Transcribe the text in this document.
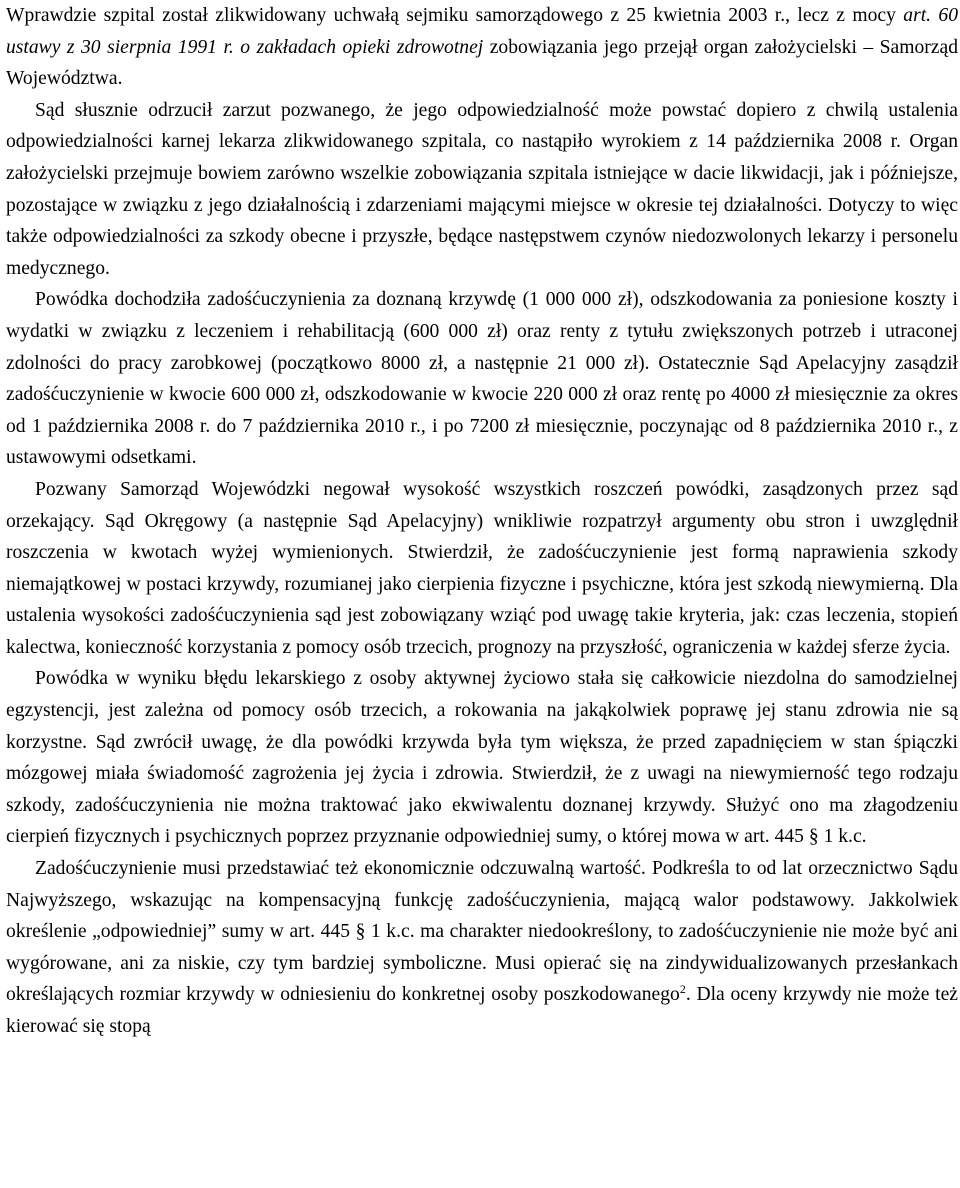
Wprawdzie szpital został zlikwidowany uchwałą sejmiku samorządowego z 25 kwietnia 2003 r., lecz z mocy art. 60 ustawy z 30 sierpnia 1991 r. o zakładach opieki zdrowotnej zobowiązania jego przejął organ założycielski – Samorząd Województwa.

Sąd słusznie odrzucił zarzut pozwanego, że jego odpowiedzialność może powstać dopiero z chwilą ustalenia odpowiedzialności karnej lekarza zlikwidowanego szpitala, co nastąpiło wyrokiem z 14 października 2008 r. Organ założycielski przejmuje bowiem zarówno wszelkie zobowiązania szpitala istniejące w dacie likwidacji, jak i późniejsze, pozostające w związku z jego działalnością i zdarzeniami mającymi miejsce w okresie tej działalności. Dotyczy to więc także odpowiedzialności za szkody obecne i przyszłe, będące następstwem czynów niedozwolonych lekarzy i personelu medycznego.

Powódka dochodziła zadośćuczynienia za doznaną krzywdę (1 000 000 zł), odszkodowania za poniesione koszty i wydatki w związku z leczeniem i rehabilitacją (600 000 zł) oraz renty z tytułu zwiększonych potrzeb i utraconej zdolności do pracy zarobkowej (początkowo 8000 zł, a następnie 21 000 zł). Ostatecznie Sąd Apelacyjny zasądził zadośćuczynienie w kwocie 600 000 zł, odszkodowanie w kwocie 220 000 zł oraz rentę po 4000 zł miesięcznie za okres od 1 października 2008 r. do 7 października 2010 r., i po 7200 zł miesięcznie, poczynając od 8 października 2010 r., z ustawowymi odsetkami.

Pozwany Samorząd Wojewódzki negował wysokość wszystkich roszczeń powódki, zasądzonych przez sąd orzekający. Sąd Okręgowy (a następnie Sąd Apelacyjny) wnikliwie rozpatrzył argumenty obu stron i uwzględnił roszczenia w kwotach wyżej wymienionych. Stwierdził, że zadośćuczynienie jest formą naprawienia szkody niemajątkowej w postaci krzywdy, rozumianej jako cierpienia fizyczne i psychiczne, która jest szkodą niewymierną. Dla ustalenia wysokości zadośćuczynienia sąd jest zobowiązany wziąć pod uwagę takie kryteria, jak: czas leczenia, stopień kalectwa, konieczność korzystania z pomocy osób trzecich, prognozy na przyszłość, ograniczenia w każdej sferze życia.

Powódka w wyniku błędu lekarskiego z osoby aktywnej życiowo stała się całkowicie niezdolna do samodzielnej egzystencji, jest zależna od pomocy osób trzecich, a rokowania na jakąkolwiek poprawę jej stanu zdrowia nie są korzystne. Sąd zwrócił uwagę, że dla powódki krzywda była tym większa, że przed zapadnięciem w stan śpiączki mózgowej miała świadomość zagrożenia jej życia i zdrowia. Stwierdził, że z uwagi na niewymierność tego rodzaju szkody, zadośćuczynienia nie można traktować jako ekwiwalentu doznanej krzywdy. Służyć ono ma złagodzeniu cierpień fizycznych i psychicznych poprzez przyznanie odpowiedniej sumy, o której mowa w art. 445 § 1 k.c.

Zadośćuczynienie musi przedstawiać też ekonomicznie odczuwalną wartość. Podkreśla to od lat orzecznictwo Sądu Najwyższego, wskazując na kompensacyjną funkcję zadośćuczynienia, mającą walor podstawowy. Jakkolwiek określenie „odpowiedniej” sumy w art. 445 § 1 k.c. ma charakter niedookreślony, to zadośćuczynienie nie może być ani wygórowane, ani za niskie, czy tym bardziej symboliczne. Musi opierać się na zindywidualizowanych przesłankach określających rozmiar krzywdy w odniesieniu do konkretnej osoby poszkodowanego$^2$. Dla oceny krzywdy nie może też kierować się stopą
